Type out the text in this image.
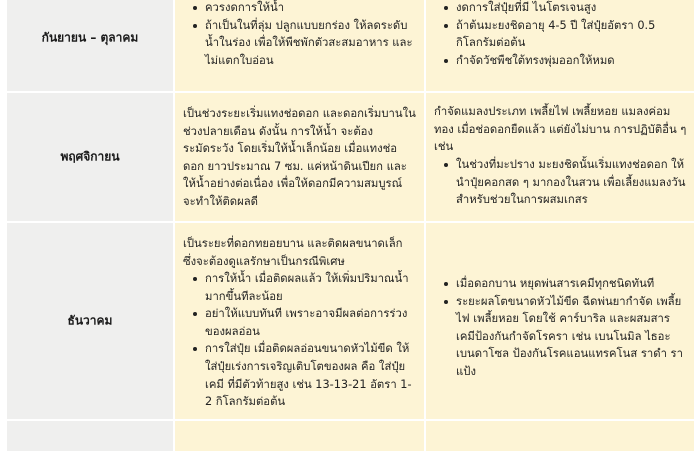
กันยายน – ตุลาคม
ควรงดการให้น้ำ
ถ้าเป็นในที่ลุ่ม ปลูกแบบยกร่อง ให้ลดระดับน้ำในร่อง เพื่อให้พืชพักตัวสะสมอาหาร และไม่แตกใบอ่อน
งดการใส่ปุ๋ยที่มี ไนโตรเจนสูง
ถ้าต้นมะยงชิดอายุ 4-5 ปี ใส่ปุ๋ยอัตรา 0.5 กิโลกรัมต่อต้น
กำจัดวัชพืชใต้ทรงพุ่มออกให้หมด
พฤศจิกายน
เป็นช่วงระยะเริ่มแทงช่อดอก และดอกเริ่มบานในช่วงปลายเดือน ดังนั้น การให้น้ำ จะต้องระมัดระวัง โดยเริ่มให้น้ำเล็กน้อย เมื่อแทงช่อดอก ยาวประมาณ 7 ซม. แค่หน้าดินเปียก และให้น้ำอย่างต่อเนื่อง เพื่อให้ดอกมีความสมบูรณ์ จะทำให้ติดผลดี
กำจัดแมลงประเภท เพลี้ยไฟ เพลี้ยหอย แมลงค่อมทอง เมื่อช่อดอกยืดแล้ว แต่ยังไม่บาน การปฏิบัติอื่น ๆ เช่น
ในช่วงที่มะปราง มะยงชิดนั้นเริ่มแทงช่อดอก ให้นำปุ๋ยคอกสด ๆ มากองในสวน เพื่อเลี้ยงแมลงวัน สำหรับช่วยในการผสมเกสร
ธันวาคม
เป็นระยะที่ดอกทยอยบาน และติดผลขนาดเล็ก ซึ่งจะต้องดูแลรักษาเป็นกรณีพิเศษ
การให้น้ำ เมื่อติดผลแล้ว ให้เพิ่มปริมาณน้ำมากขึ้นทีละน้อย
อย่าให้แบบทันที เพราะอาจมีผลต่อการร่วงของผลอ่อน
การใส่ปุ๋ย เมื่อติดผลอ่อนขนาดหัวไม้ขีด ให้ใส่ปุ๋ยเร่งการเจริญเติบโตของผล คือ ใส่ปุ๋ยเคมี ที่มีตัวท้ายสูง เช่น 13-13-21 อัตรา 1-2 กิโลกรัมต่อต้น
เมื่อดอกบาน หยุดพ่นสารเคมีทุกชนิดทันที
ระยะผลโตขนาดหัวไม้ขีด ฉีดพ่นยากำจัด เพลี้ยไฟ เพลี้ยหอย โดยใช้ คาร์บาริล และผสมสารเคมีป้องกันกำจัดโรครา เช่น เบนโนมิล ไธอะเบนดาโซล ป้องกันโรคแอนแทรคโนส ราดำ ราแป้ง
